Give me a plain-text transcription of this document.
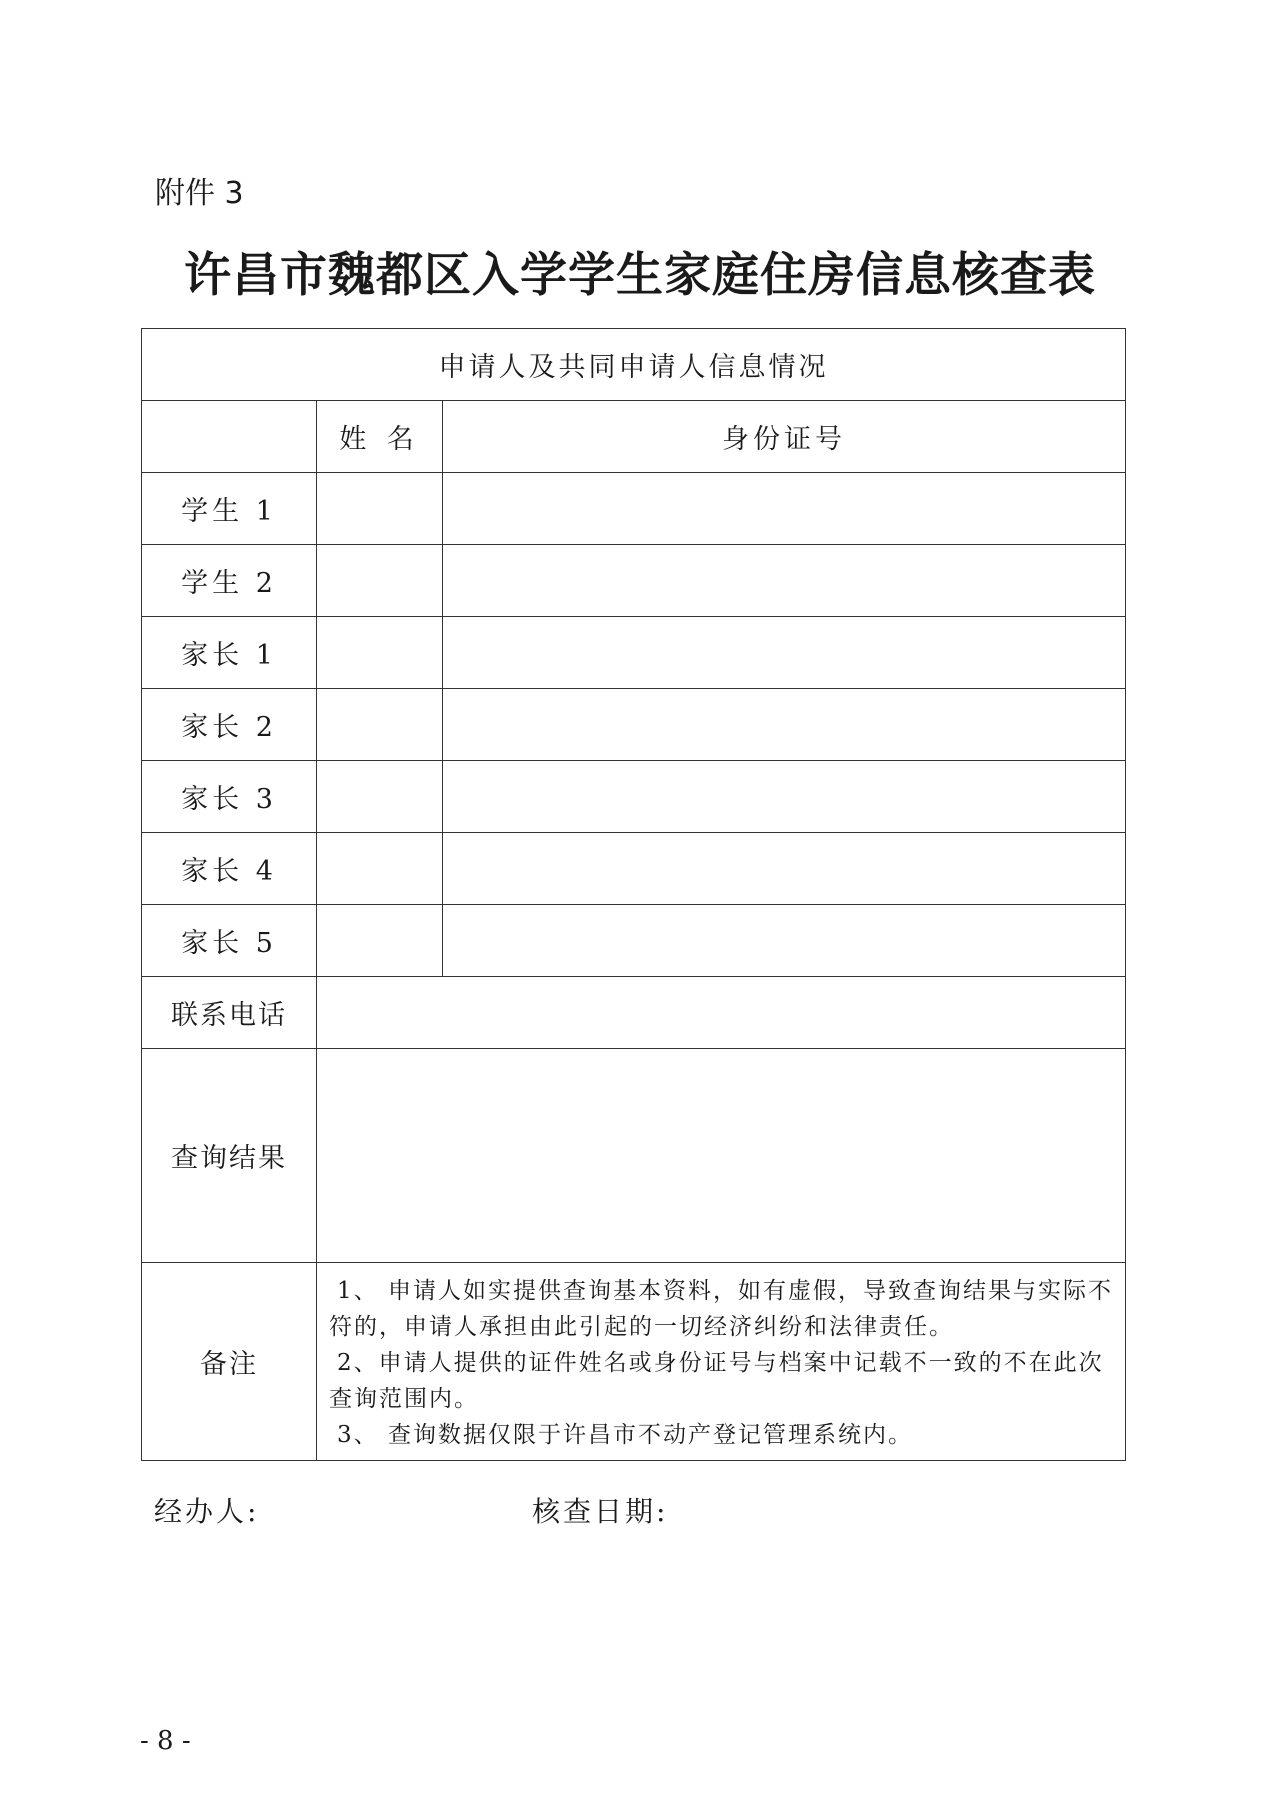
附件 3
许昌市魏都区入学学生家庭住房信息核查表
申请人及共同申请人信息情况		
	姓 名	身份证号
学生 1		
学生 2		
家长 1		
家长 2		
家长 3		
家长 4		
家长 5		
联系电话		
查询结果		
备注	1、 申请人如实提供查询基本资料，如有虚假，导致查询结果与实际不符的，申请人承担由此引起的一切经济纠纷和法律责任。
2、申请人提供的证件姓名或身份证号与档案中记载不一致的不在此次查询范围内。
3、 查询数据仅限于许昌市不动产登记管理系统内。	
经办人:	核查日期:
- 8 -
